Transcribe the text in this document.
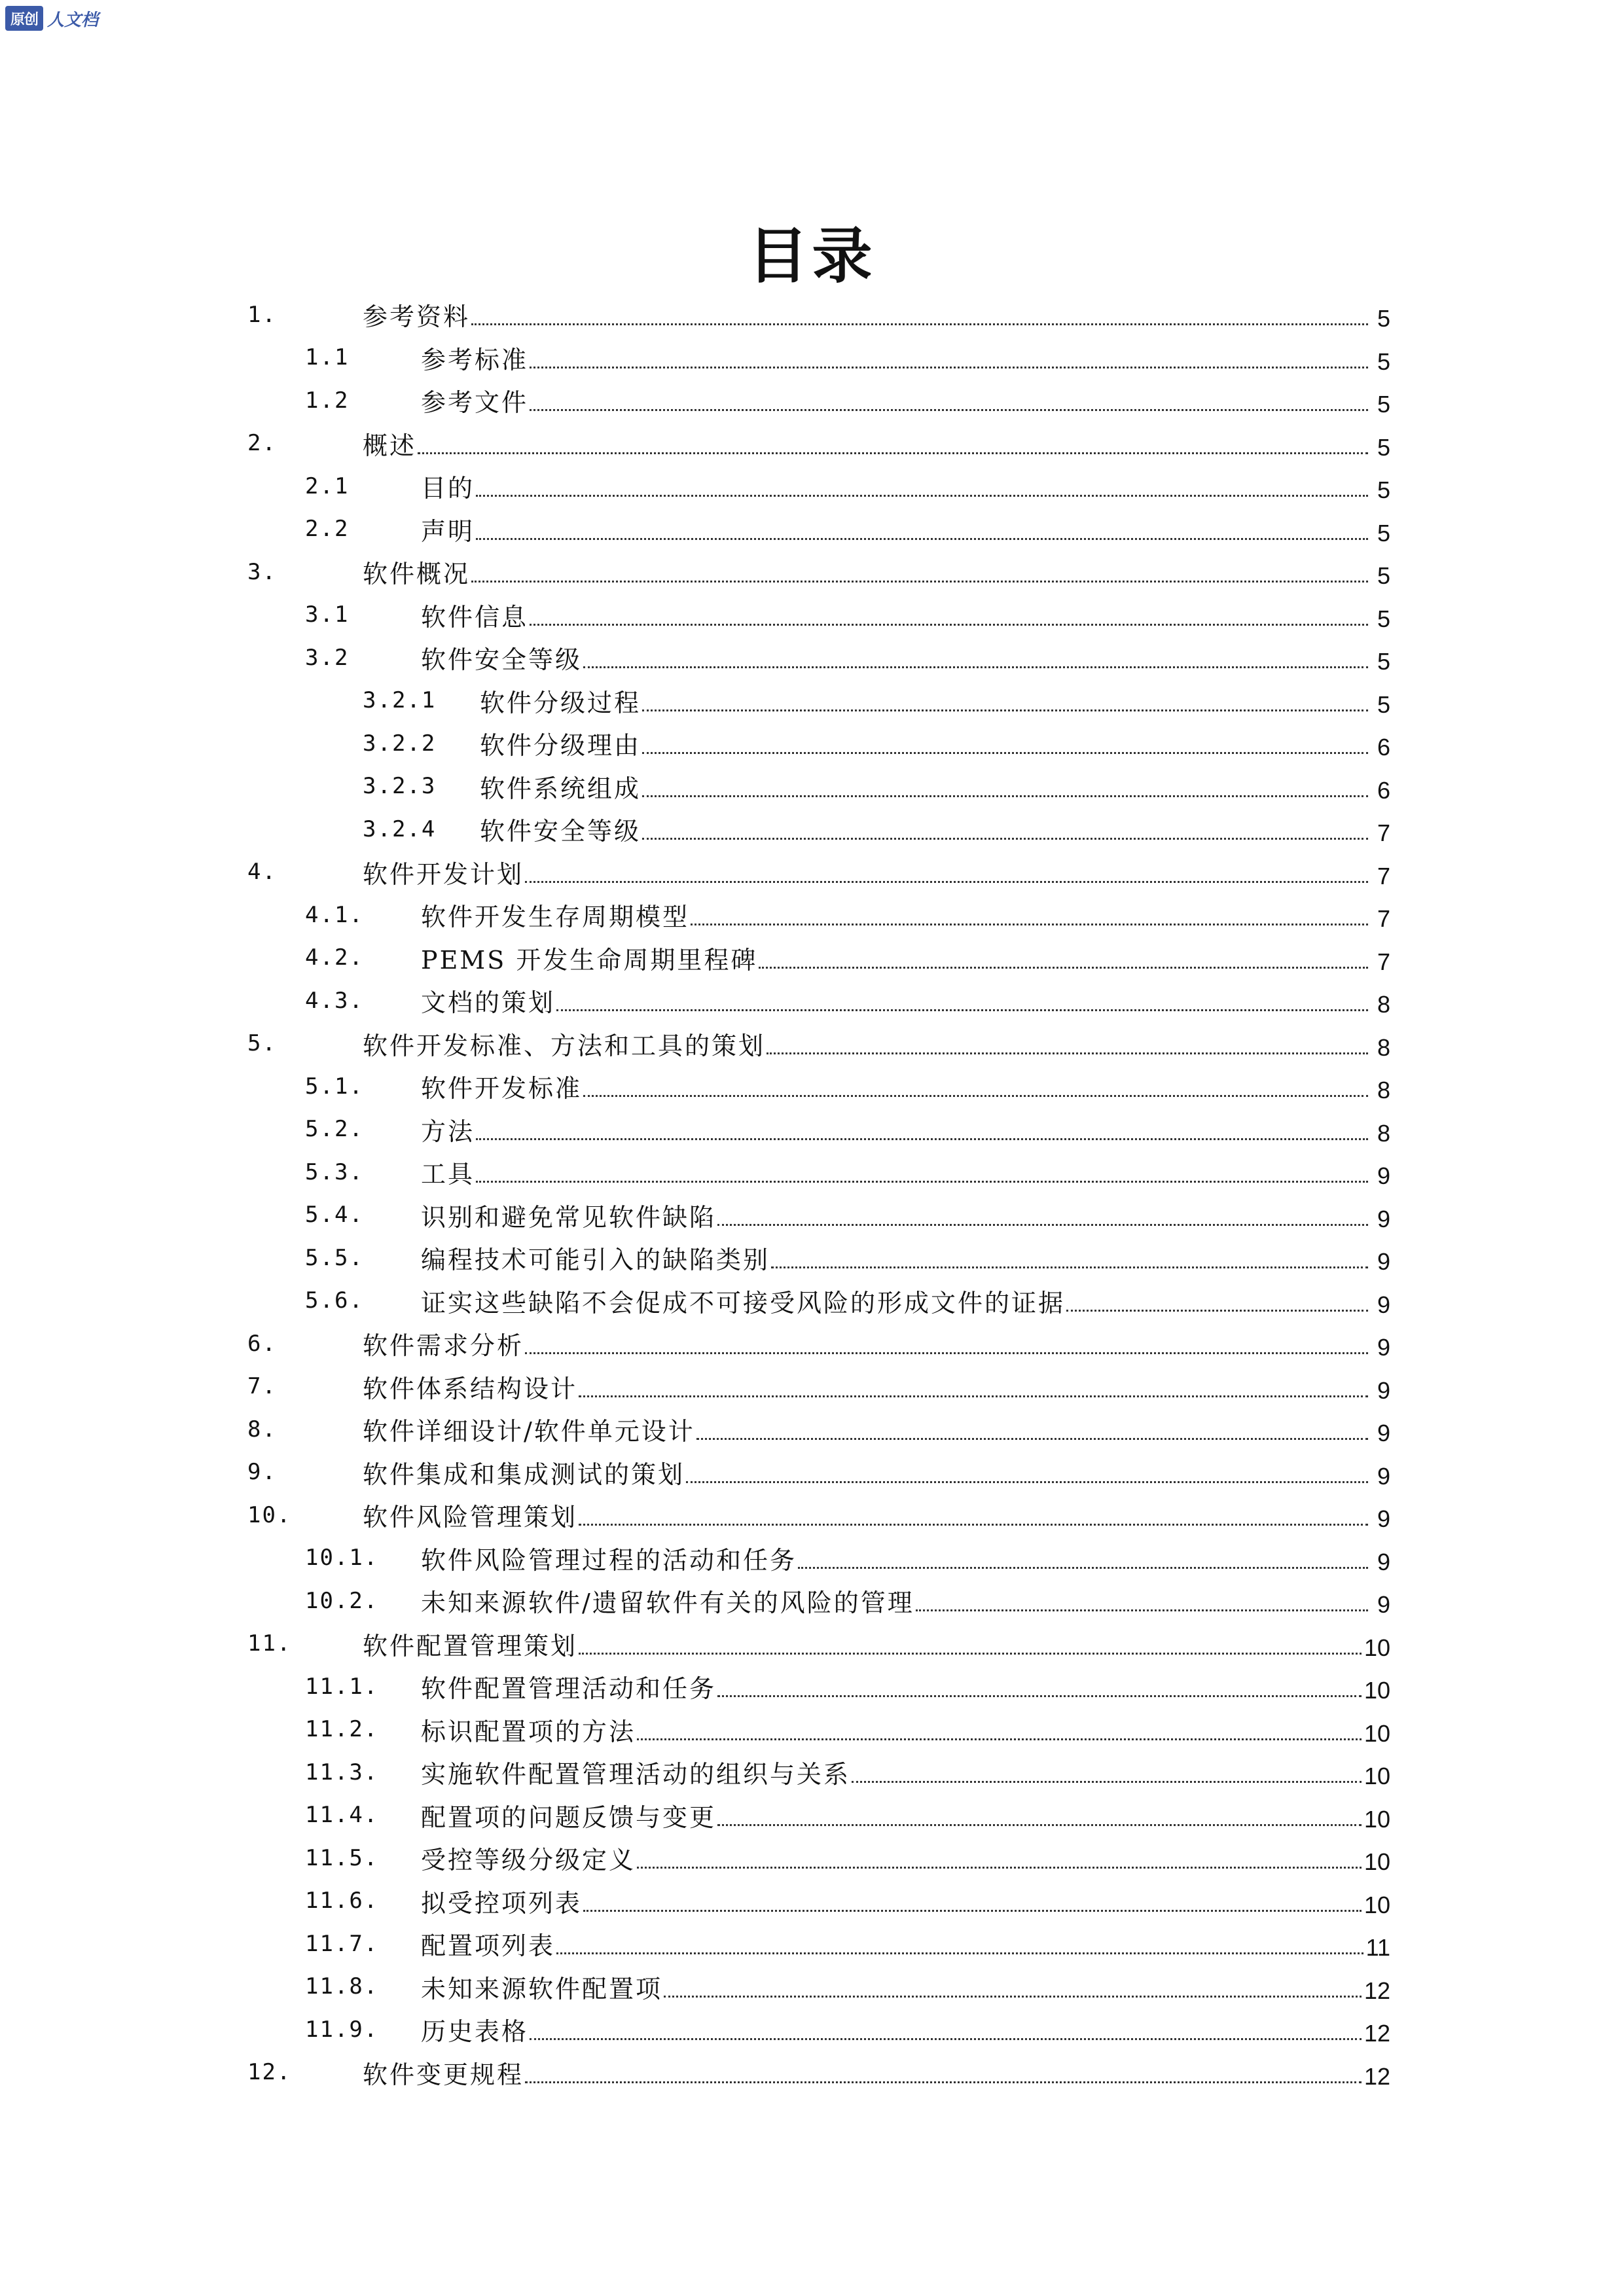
原创 人文档
目录
1.	参考资料	5
1.1	参考标准	5
1.2	参考文件	5
2.	概述	5
2.1	目的	5
2.2	声明	5
3.	软件概况	5
3.1	软件信息	5
3.2	软件安全等级	5
3.2.1 软件分级过程	5
3.2.2 软件分级理由	6
3.2.3 软件系统组成	6
3.2.4 软件安全等级	7
4.	软件开发计划	7
4.1. 软件开发生存周期模型	7
4.2. PEMS 开发生命周期里程碑	7
4.3. 文档的策划	8
5.	软件开发标准、方法和工具的策划	8
5.1. 软件开发标准	8
5.2. 方法	8
5.3. 工具	9
5.4. 识别和避免常见软件缺陷	9
5.5. 编程技术可能引入的缺陷类别	9
5.6. 证实这些缺陷不会促成不可接受风险的形成文件的证据	9
6.	软件需求分析	9
7.	软件体系结构设计	9
8.	软件详细设计/软件单元设计	9
9.	软件集成和集成测试的策划	9
10.	软件风险管理策划	9
10.1. 软件风险管理过程的活动和任务	9
10.2. 未知来源软件/遗留软件有关的风险的管理	9
11.	软件配置管理策划	10
11.1. 软件配置管理活动和任务	10
11.2. 标识配置项的方法	10
11.3. 实施软件配置管理活动的组织与关系	10
11.4. 配置项的问题反馈与变更	10
11.5. 受控等级分级定义	10
11.6. 拟受控项列表	10
11.7. 配置项列表	11
11.8. 未知来源软件配置项	12
11.9. 历史表格	12
12.	软件变更规程	12
